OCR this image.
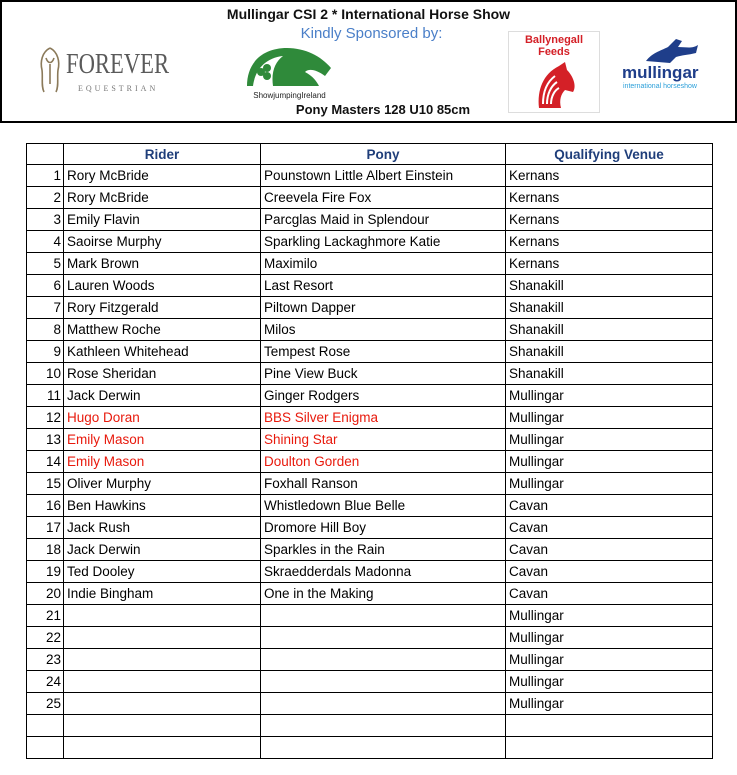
Mullingar CSI 2 * International Horse Show
Kindly Sponsored by:
FOREVER
EQUESTRIAN
ShowjumpingIreland
Ballynegall
Feeds
mullingar
international horseshow
Pony Masters 128 U10 85cm
	Rider	Pony	Qualifying Venue
1	Rory McBride	Pounstown Little Albert Einstein	Kernans
2	Rory McBride	Creevela Fire Fox	Kernans
3	Emily Flavin	Parcglas Maid in Splendour	Kernans
4	Saoirse Murphy	Sparkling Lackaghmore Katie	Kernans
5	Mark Brown	Maximilo	Kernans
6	Lauren Woods	Last Resort	Shanakill
7	Rory Fitzgerald	Piltown Dapper	Shanakill
8	Matthew Roche	Milos	Shanakill
9	Kathleen Whitehead	Tempest Rose	Shanakill
10	Rose Sheridan	Pine View Buck	Shanakill
11	Jack Derwin	Ginger Rodgers	Mullingar
12	Hugo Doran	BBS Silver Enigma	Mullingar
13	Emily Mason	Shining Star	Mullingar
14	Emily Mason	Doulton Gorden	Mullingar
15	Oliver Murphy	Foxhall Ranson	Mullingar
16	Ben Hawkins	Whistledown Blue Belle	Cavan
17	Jack Rush	Dromore Hill Boy	Cavan
18	Jack Derwin	Sparkles in the Rain	Cavan
19	Ted Dooley	Skraedderdals Madonna	Cavan
20	Indie Bingham	One in the Making	Cavan
21			Mullingar
22			Mullingar
23			Mullingar
24			Mullingar
25			Mullingar
